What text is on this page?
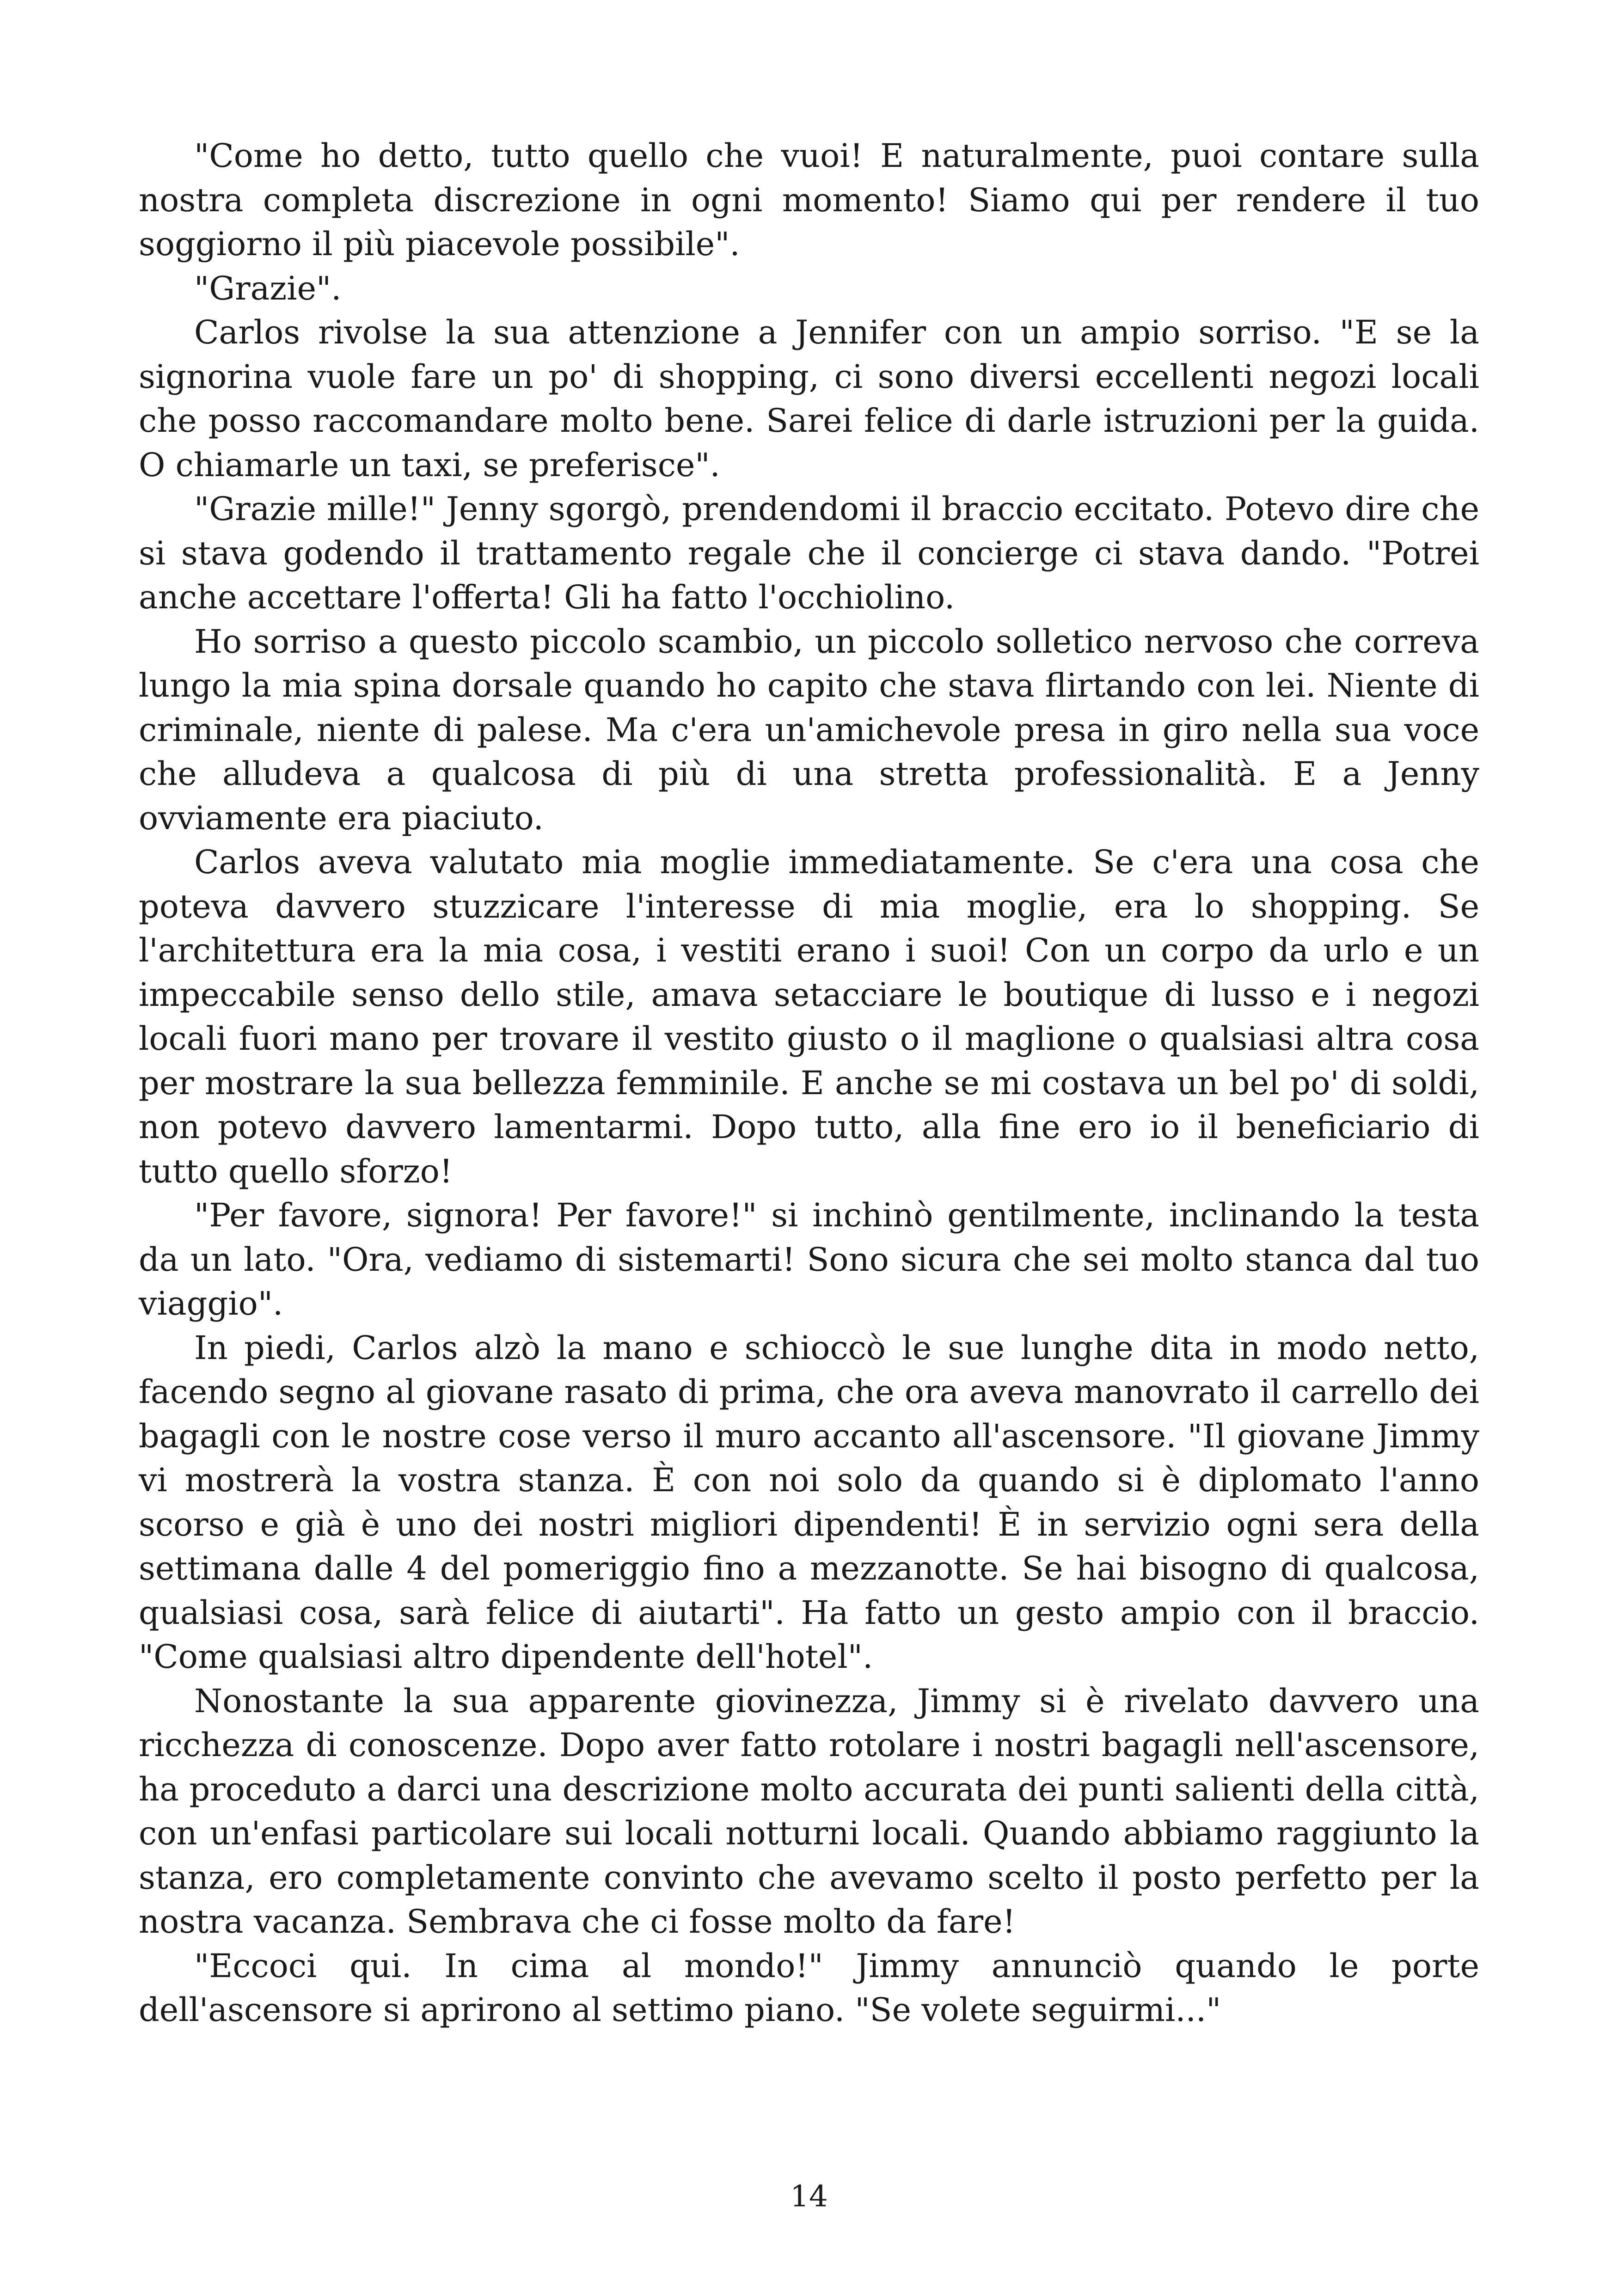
"Come ho detto, tutto quello che vuoi! E naturalmente, puoi contare sulla nostra completa discrezione in ogni momento! Siamo qui per rendere il tuo soggiorno il più piacevole possibile".

"Grazie".

Carlos rivolse la sua attenzione a Jennifer con un ampio sorriso. "E se la signorina vuole fare un po' di shopping, ci sono diversi eccellenti negozi locali che posso raccomandare molto bene. Sarei felice di darle istruzioni per la guida. O chiamarle un taxi, se preferisce".

"Grazie mille!" Jenny sgorgò, prendendomi il braccio eccitato. Potevo dire che si stava godendo il trattamento regale che il concierge ci stava dando. "Potrei anche accettare l'offerta! Gli ha fatto l'occhiolino.

Ho sorriso a questo piccolo scambio, un piccolo solletico nervoso che correva lungo la mia spina dorsale quando ho capito che stava flirtando con lei. Niente di criminale, niente di palese. Ma c'era un'amichevole presa in giro nella sua voce che alludeva a qualcosa di più di una stretta professionalità. E a Jenny ovviamente era piaciuto.

Carlos aveva valutato mia moglie immediatamente. Se c'era una cosa che poteva davvero stuzzicare l'interesse di mia moglie, era lo shopping. Se l'architettura era la mia cosa, i vestiti erano i suoi! Con un corpo da urlo e un impeccabile senso dello stile, amava setacciare le boutique di lusso e i negozi locali fuori mano per trovare il vestito giusto o il maglione o qualsiasi altra cosa per mostrare la sua bellezza femminile. E anche se mi costava un bel po' di soldi, non potevo davvero lamentarmi. Dopo tutto, alla fine ero io il beneficiario di tutto quello sforzo!

"Per favore, signora! Per favore!" si inchinò gentilmente, inclinando la testa da un lato. "Ora, vediamo di sistemarti! Sono sicura che sei molto stanca dal tuo viaggio".

In piedi, Carlos alzò la mano e schioccò le sue lunghe dita in modo netto, facendo segno al giovane rasato di prima, che ora aveva manovrato il carrello dei bagagli con le nostre cose verso il muro accanto all'ascensore. "Il giovane Jimmy vi mostrerà la vostra stanza. È con noi solo da quando si è diplomato l'anno scorso e già è uno dei nostri migliori dipendenti! È in servizio ogni sera della settimana dalle 4 del pomeriggio fino a mezzanotte. Se hai bisogno di qualcosa, qualsiasi cosa, sarà felice di aiutarti". Ha fatto un gesto ampio con il braccio. "Come qualsiasi altro dipendente dell'hotel".

Nonostante la sua apparente giovinezza, Jimmy si è rivelato davvero una ricchezza di conoscenze. Dopo aver fatto rotolare i nostri bagagli nell'ascensore, ha proceduto a darci una descrizione molto accurata dei punti salienti della città, con un'enfasi particolare sui locali notturni locali. Quando abbiamo raggiunto la stanza, ero completamente convinto che avevamo scelto il posto perfetto per la nostra vacanza. Sembrava che ci fosse molto da fare!

"Eccoci qui. In cima al mondo!" Jimmy annunciò quando le porte dell'ascensore si aprirono al settimo piano. "Se volete seguirmi..."

14
